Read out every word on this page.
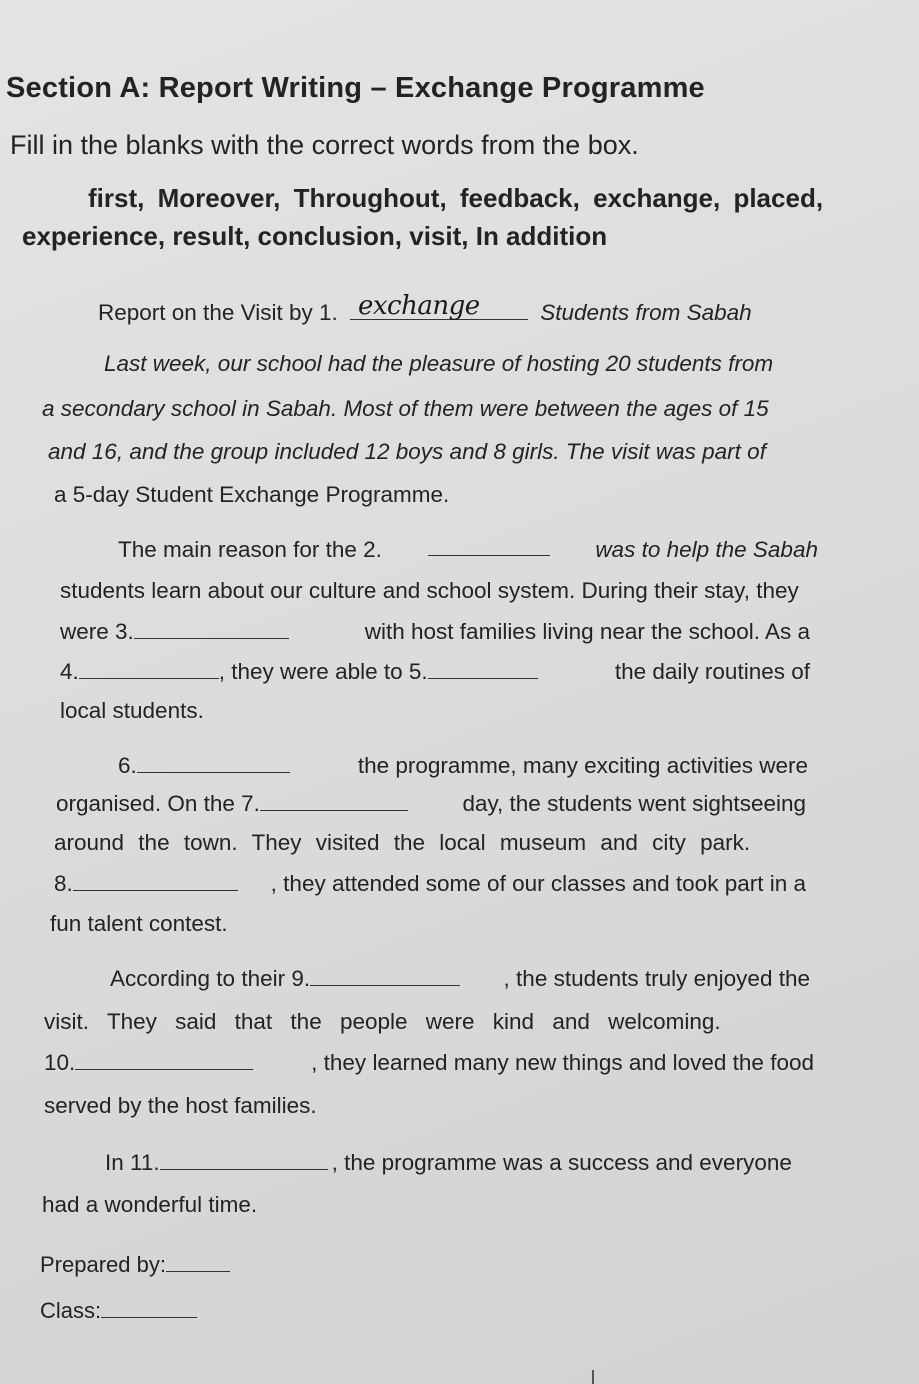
Section A: Report Writing – Exchange Programme
Fill in the blanks with the correct words from the box.
first, Moreover, Throughout, feedback, exchange, placed,
experience, result, conclusion, visit, In addition
Report on the Visit by 1. exchange	Students from Sabah
Last week, our school had the pleasure of hosting 20 students from
a secondary school in Sabah. Most of them were between the ages of 15
and 16, and the group included 12 boys and 8 girls. The visit was part of
a 5-day Student Exchange Programme.
The main reason for the 2.	was to help the Sabah
students learn about our culture and school system. During their stay, they
were 3.	with host families living near the school. As a
4.	, they were able to 5.	the daily routines of
local students.
6.	the programme, many exciting activities were
organised. On the 7.	day, the students went sightseeing
around the town. They visited the local museum and city park.
8.	, they attended some of our classes and took part in a
fun talent contest.
According to their 9.	, the students truly enjoyed the
visit. They said that the people were kind and welcoming.
10.	, they learned many new things and loved the food
served by the host families.
In 11.	, the programme was a success and everyone
had a wonderful time.
Prepared by:
Class:
